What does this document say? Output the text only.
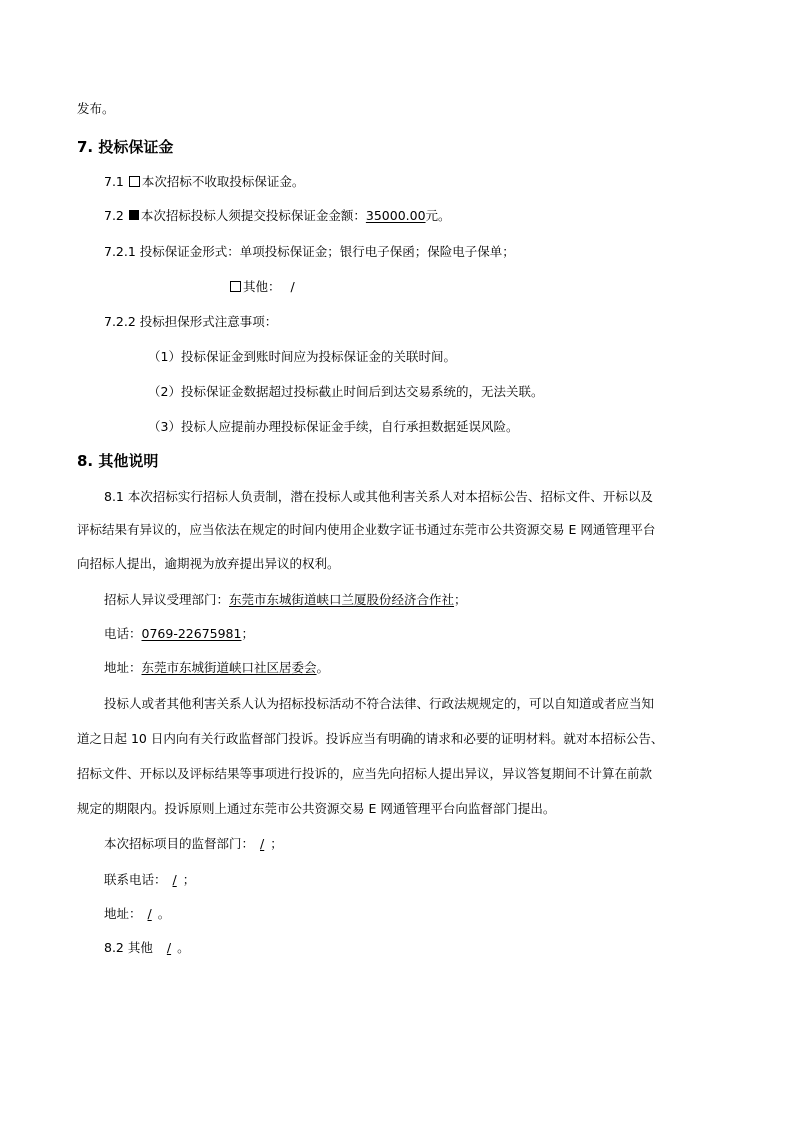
发布。
7. 投标保证金
7.1 本次招标不收取投标保证金。
7.2 本次招标投标人须提交投标保证金金额：35000.00元。
7.2.1 投标保证金形式：单项投标保证金；银行电子保函；保险电子保单；
其他： /
7.2.2 投标担保形式注意事项：
（1）投标保证金到账时间应为投标保证金的关联时间。
（2）投标保证金数据超过投标截止时间后到达交易系统的，无法关联。
（3）投标人应提前办理投标保证金手续，自行承担数据延误风险。
8. 其他说明
8.1 本次招标实行招标人负责制，潜在投标人或其他利害关系人对本招标公告、招标文件、开标以及
评标结果有异议的，应当依法在规定的时间内使用企业数字证书通过东莞市公共资源交易 E 网通管理平台
向招标人提出，逾期视为放弃提出异议的权利。
招标人异议受理部门：东莞市东城街道峡口兰厦股份经济合作社；
电话：0769-22675981；
地址：东莞市东城街道峡口社区居委会。
投标人或者其他利害关系人认为招标投标活动不符合法律、行政法规规定的，可以自知道或者应当知
道之日起 10 日内向有关行政监督部门投诉。投诉应当有明确的请求和必要的证明材料。就对本招标公告、
招标文件、开标以及评标结果等事项进行投诉的，应当先向招标人提出异议，异议答复期间不计算在前款
规定的期限内。投诉原则上通过东莞市公共资源交易 E 网通管理平台向监督部门提出。
本次招标项目的监督部门： / ；
联系电话： / ；
地址： / 。
8.2 其他 / 。
